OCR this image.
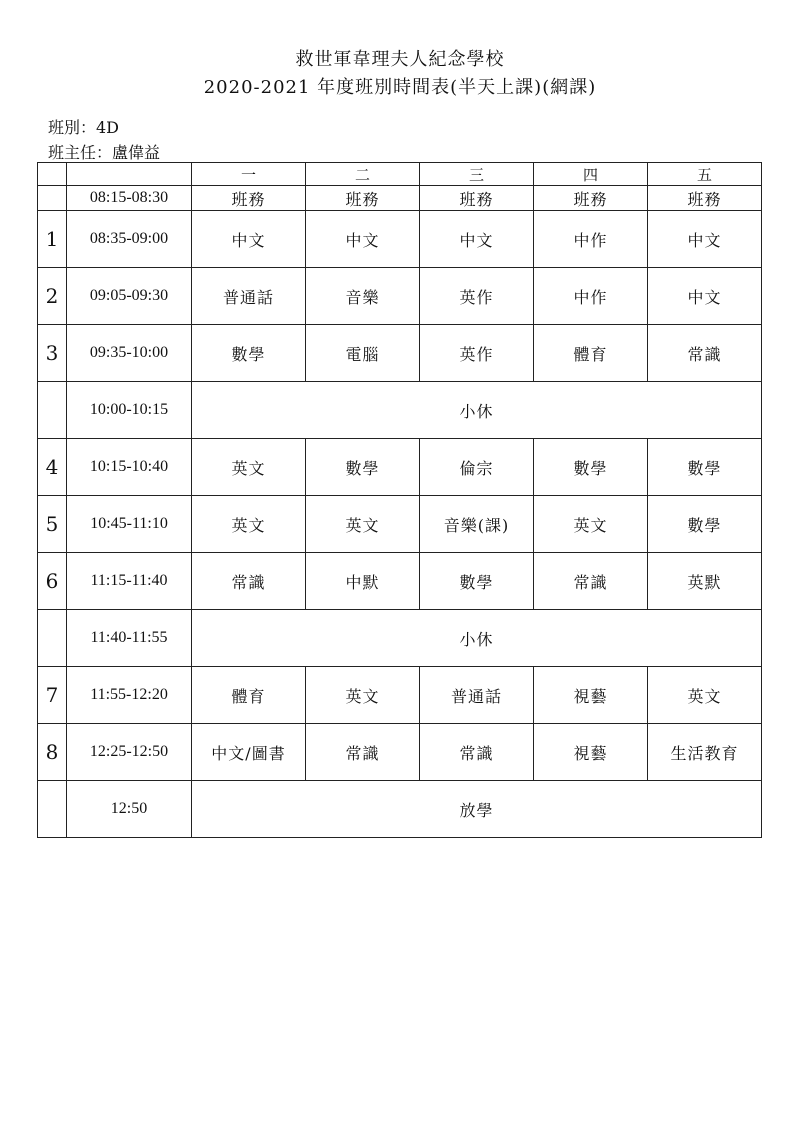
救世軍韋理夫人紀念學校
2020-2021 年度班別時間表(半天上課)(網課)
班別：4D
班主任：盧偉益
		一	二	三	四	五
	08:15-08:30	班務	班務	班務	班務	班務
1	08:35-09:00	中文	中文	中文	中作	中文
2	09:05-09:30	普通話	音樂	英作	中作	中文
3	09:35-10:00	數學	電腦	英作	體育	常識
	10:00-10:15	小休				
4	10:15-10:40	英文	數學	倫宗	數學	數學
5	10:45-11:10	英文	英文	音樂(課)	英文	數學
6	11:15-11:40	常識	中默	數學	常識	英默
	11:40-11:55	小休				
7	11:55-12:20	體育	英文	普通話	視藝	英文
8	12:25-12:50	中文/圖書	常識	常識	視藝	生活教育
	12:50	放學				
